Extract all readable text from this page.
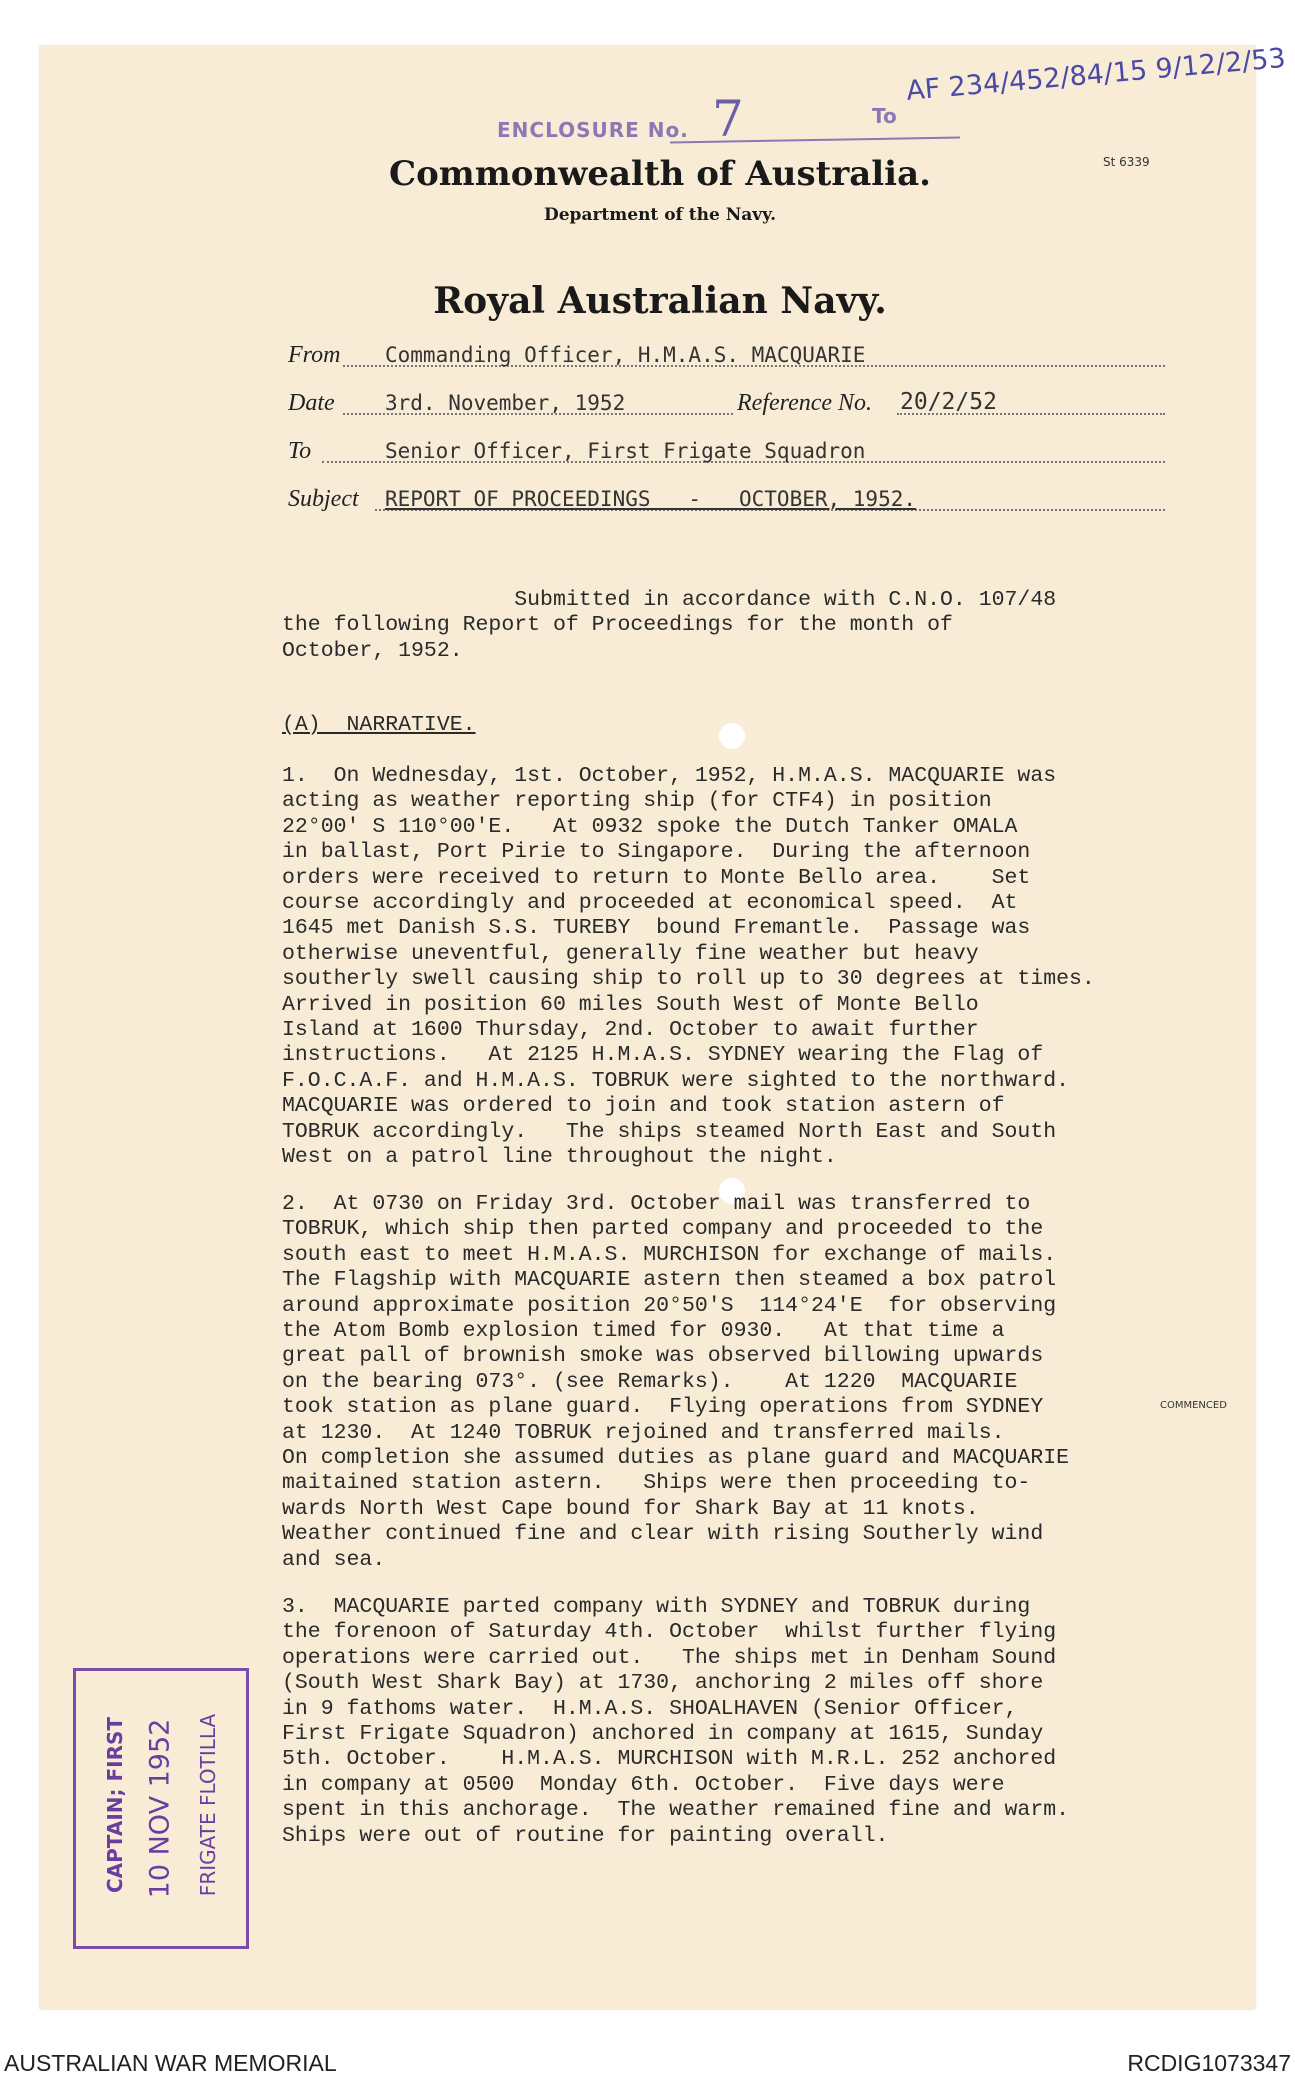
ENCLOSURE No. 7	To
AF 234/452/84/15 9/12/2/53
St 6339
Commonwealth of Australia.
Department of the Navy.
Royal Australian Navy.
From Commanding Officer, H.M.A.S. MACQUARIE
Date 3rd. November, 1952	Reference No. 20/2/52
To	Senior Officer, First Frigate Squadron
Subject REPORT OF PROCEEDINGS   -   OCTOBER, 1952.
Submitted in accordance with C.N.O. 107/48
the following Report of Proceedings for the month of
October, 1952.
(A)  NARRATIVE.
1.  On Wednesday, 1st. October, 1952, H.M.A.S. MACQUARIE was
acting as weather reporting ship (for CTF4) in position
22°00' S 110°00'E.   At 0932 spoke the Dutch Tanker OMALA
in ballast, Port Pirie to Singapore.  During the afternoon
orders were received to return to Monte Bello area.    Set
course accordingly and proceeded at economical speed.  At
1645 met Danish S.S. TUREBY  bound Fremantle.  Passage was
otherwise uneventful, generally fine weather but heavy
southerly swell causing ship to roll up to 30 degrees at times.
Arrived in position 60 miles South West of Monte Bello
Island at 1600 Thursday, 2nd. October to await further
instructions.   At 2125 H.M.A.S. SYDNEY wearing the Flag of
F.O.C.A.F. and H.M.A.S. TOBRUK were sighted to the northward.
MACQUARIE was ordered to join and took station astern of
TOBRUK accordingly.   The ships steamed North East and South
West on a patrol line throughout the night.
2.  At 0730 on Friday 3rd. October mail was transferred to
TOBRUK, which ship then parted company and proceeded to the
south east to meet H.M.A.S. MURCHISON for exchange of mails.
The Flagship with MACQUARIE astern then steamed a box patrol
around approximate position 20°50'S  114°24'E  for observing
the Atom Bomb explosion timed for 0930.   At that time a
great pall of brownish smoke was observed billowing upwards
on the bearing 073°. (see Remarks).    At 1220  MACQUARIE
took station as plane guard.  Flying operations from SYDNEY
at 1230.  At 1240 TOBRUK rejoined and transferred mails.
On completion she assumed duties as plane guard and MACQUARIE
maitained station astern.   Ships were then proceeding to-
wards North West Cape bound for Shark Bay at 11 knots.
Weather continued fine and clear with rising Southerly wind
and sea.
3.  MACQUARIE parted company with SYDNEY and TOBRUK during
the forenoon of Saturday 4th. October  whilst further flying
operations were carried out.   The ships met in Denham Sound
(South West Shark Bay) at 1730, anchoring 2 miles off shore
in 9 fathoms water.  H.M.A.S. SHOALHAVEN (Senior Officer,
First Frigate Squadron) anchored in company at 1615, Sunday
5th. October.    H.M.A.S. MURCHISON with M.R.L. 252 anchored
in company at 0500  Monday 6th. October.  Five days were
spent in this anchorage.  The weather remained fine and warm.
Ships were out of routine for painting overall.
COMMENCED
CAPTAIN; FIRST 10 NOV 1952 FRIGATE FLOTILLA
AUSTRALIAN WAR MEMORIAL	RCDIG1073347
